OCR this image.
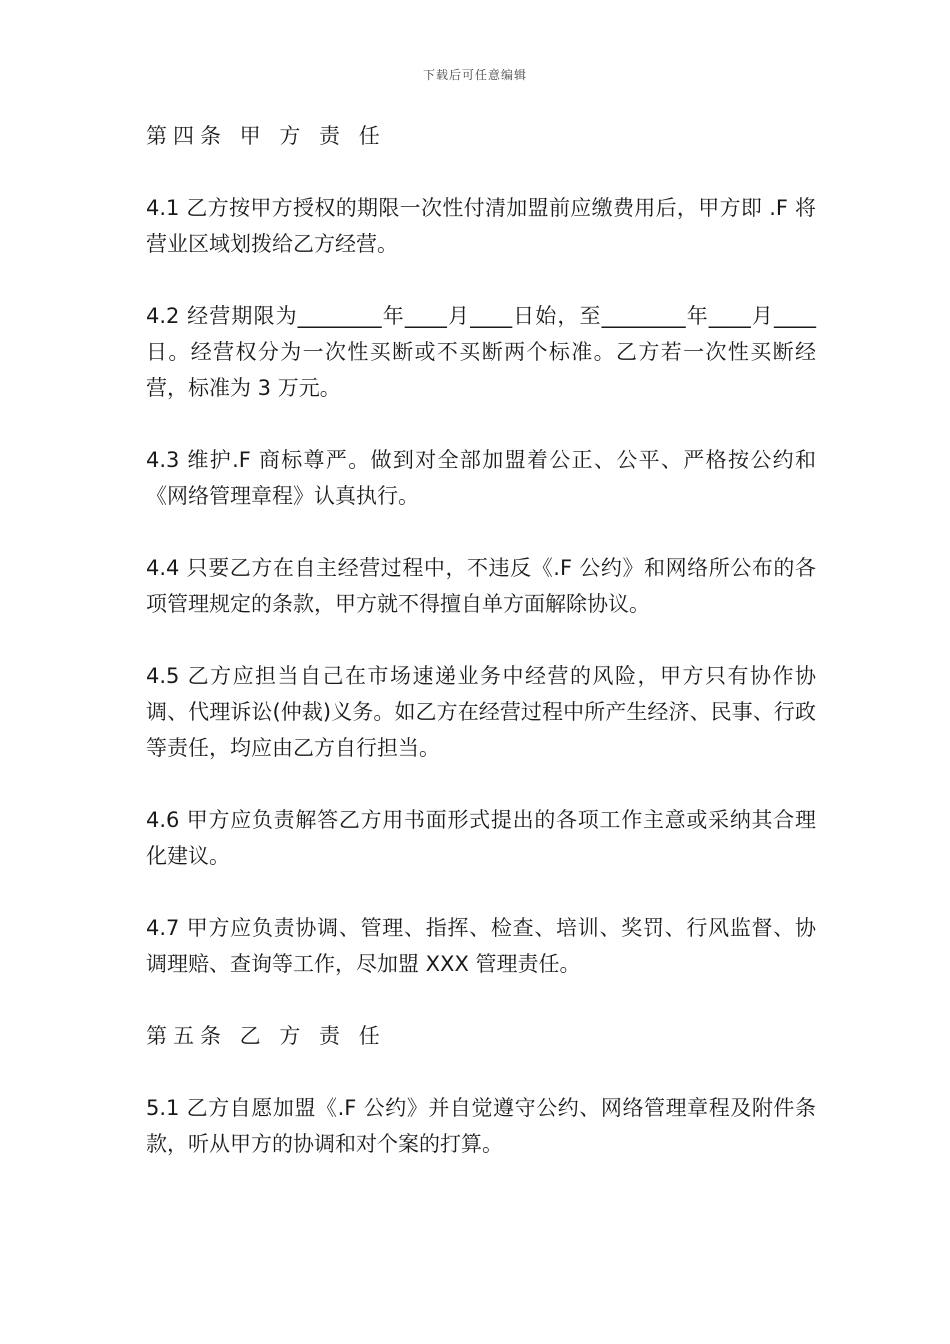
下载后可任意编辑
第四条 甲 方 责 任
4.1 乙方按甲方授权的期限一次性付清加盟前应缴费用后，甲方即 .F 将营业区域划拨给乙方经营。
4.2 经营期限为________年____月____日始，至________年____月____日。经营权分为一次性买断或不买断两个标准。乙方若一次性买断经营，标准为 3 万元。
4.3 维护.F 商标尊严。做到对全部加盟着公正、公平、严格按公约和《网络管理章程》认真执行。
4.4 只要乙方在自主经营过程中，不违反《.F 公约》和网络所公布的各项管理规定的条款，甲方就不得擅自单方面解除协议。
4.5 乙方应担当自己在市场速递业务中经营的风险，甲方只有协作协调、代理诉讼(仲裁)义务。如乙方在经营过程中所产生经济、民事、行政等责任，均应由乙方自行担当。
4.6 甲方应负责解答乙方用书面形式提出的各项工作主意或采纳其合理化建议。
4.7 甲方应负责协调、管理、指挥、检查、培训、奖罚、行风监督、协调理赔、查询等工作，尽加盟 XXX 管理责任。
第五条 乙 方 责 任
5.1 乙方自愿加盟《.F 公约》并自觉遵守公约、网络管理章程及附件条款，听从甲方的协调和对个案的打算。
